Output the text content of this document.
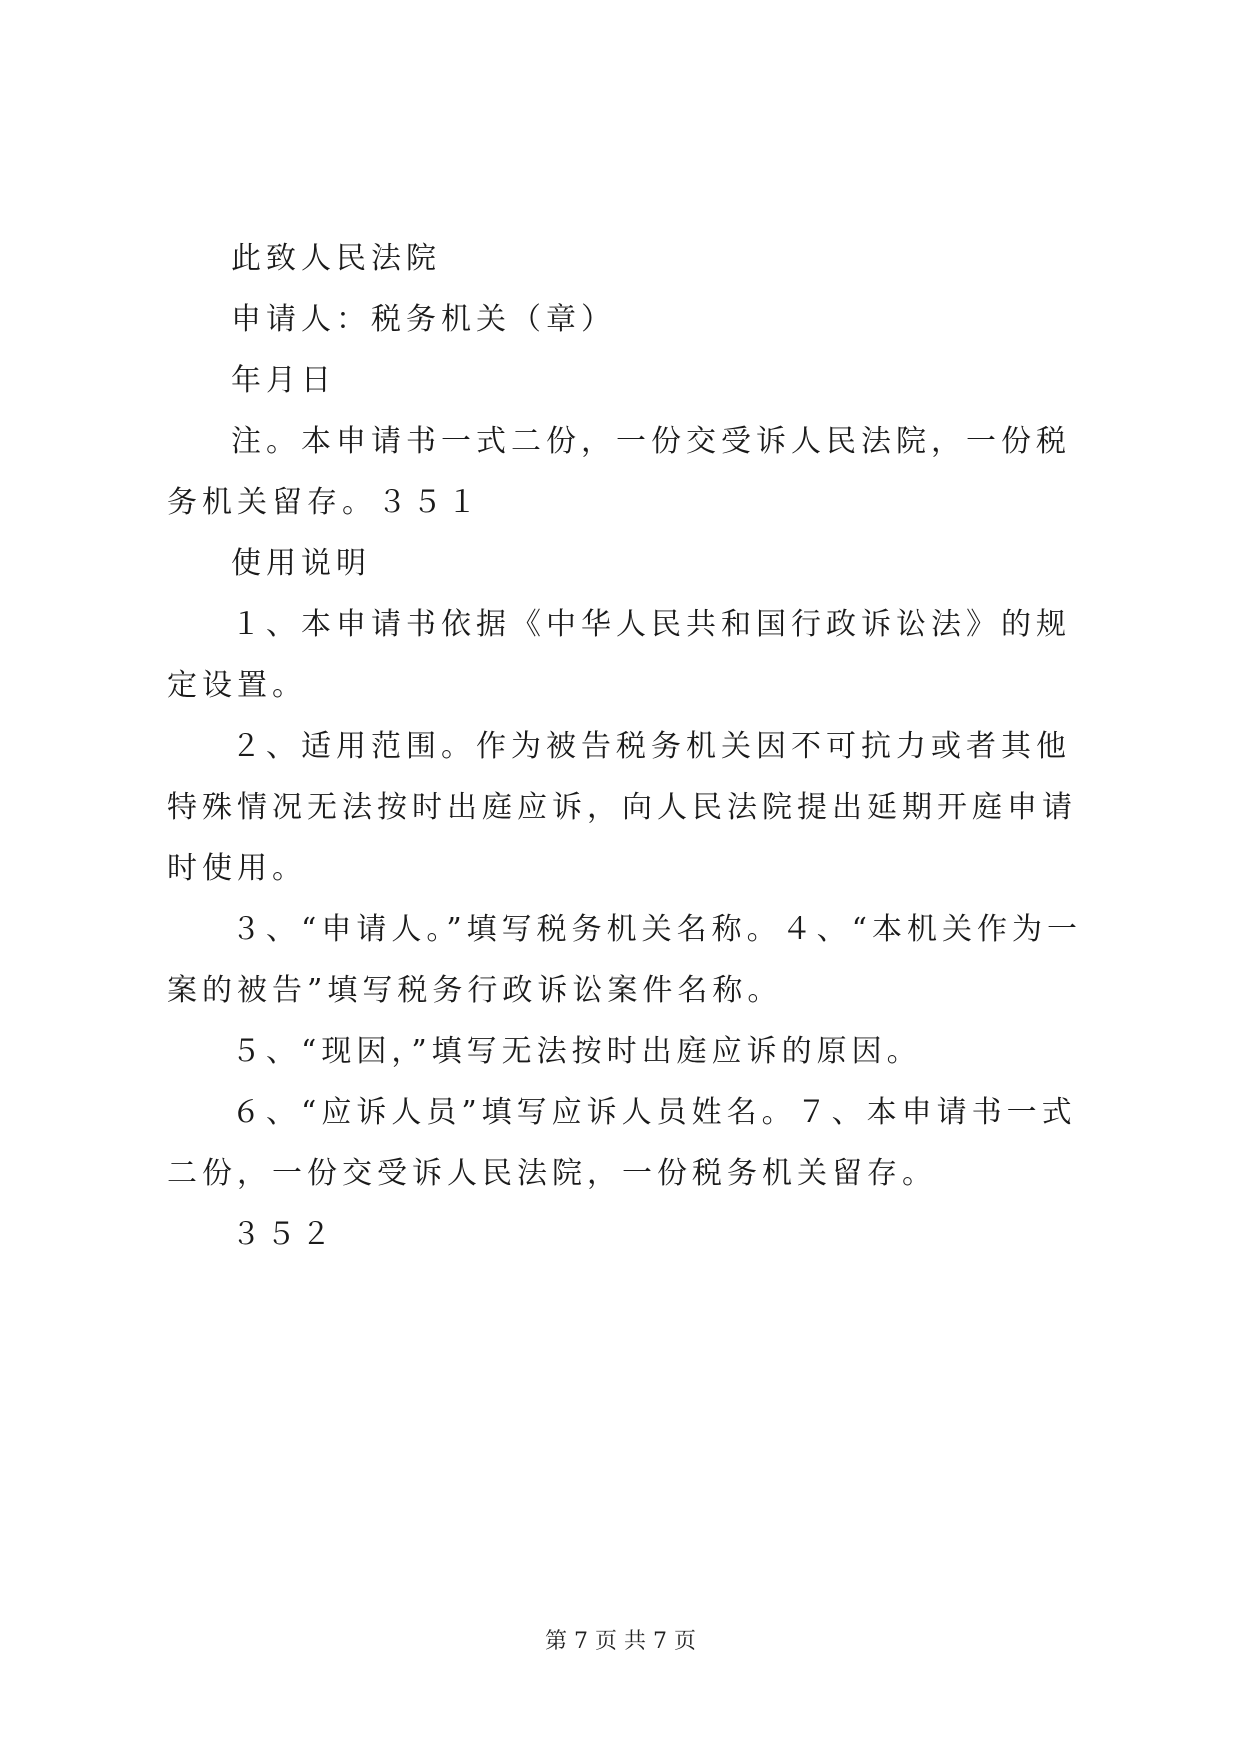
此致人民法院

申请人：税务机关（章）

年月日

注。本申请书一式二份，一份交受诉人民法院，一份税务机关留存。３５１

使用说明

１、本申请书依据《中华人民共和国行政诉讼法》的规定设置。

２、适用范围。作为被告税务机关因不可抗力或者其他特殊情况无法按时出庭应诉，向人民法院提出延期开庭申请时使用。

３、“申请人。”填写税务机关名称。４、“本机关作为一案的被告”填写税务行政诉讼案件名称。

５、“现因，”填写无法按时出庭应诉的原因。

６、“应诉人员”填写应诉人员姓名。７、本申请书一式二份，一份交受诉人民法院，一份税务机关留存。

３５２

第 7 页 共 7 页
